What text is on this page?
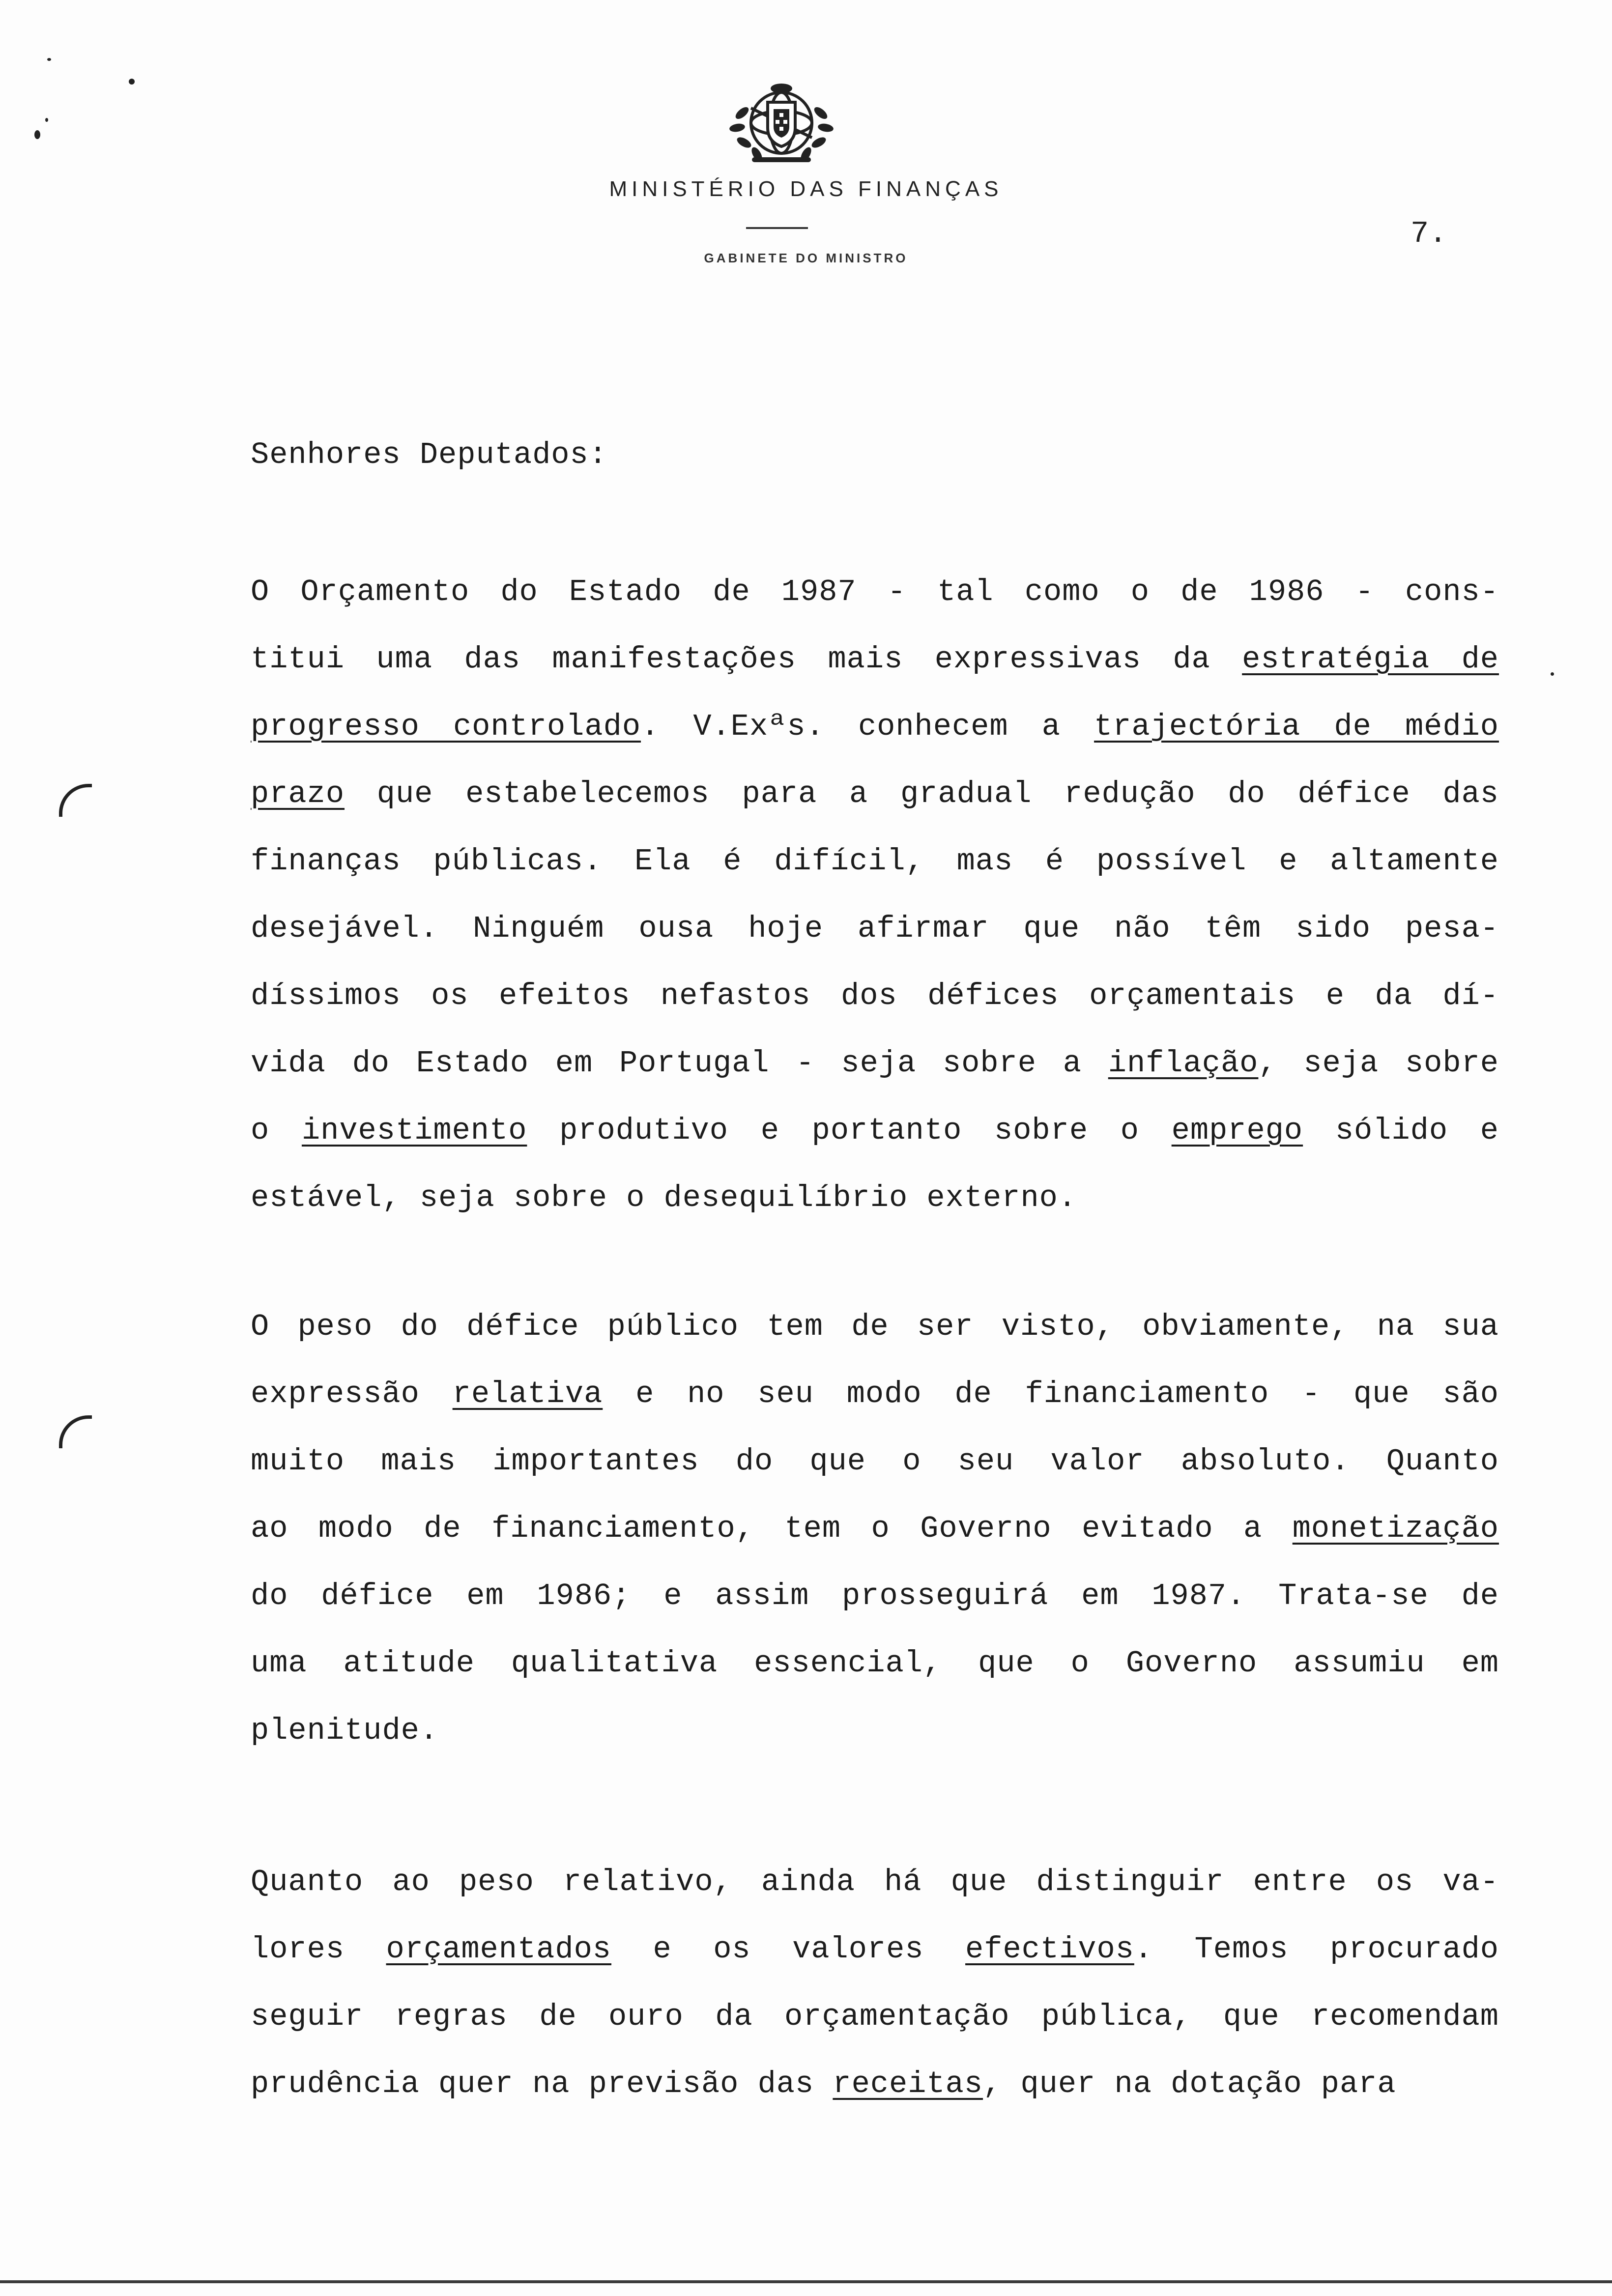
MINISTÉRIO DAS FINANÇAS
GABINETE DO MINISTRO
7.

Senhores Deputados:

O Orçamento do Estado de 1987 - tal como o de 1986 - cons-
titui uma das manifestações mais expressivas da estratégia de
progresso controlado. V.Exªs. conhecem a trajectória de médio
prazo que estabelecemos para a gradual redução do défice das
finanças públicas. Ela é difícil, mas é possível e altamente
desejável. Ninguém ousa hoje afirmar que não têm sido pesa-
díssimos os efeitos nefastos dos défices orçamentais e da dí-
vida do Estado em Portugal - seja sobre a inflação, seja sobre
o investimento produtivo e portanto sobre o emprego sólido e
estável, seja sobre o desequilíbrio externo.
O peso do défice público tem de ser visto, obviamente, na sua
expressão relativa e no seu modo de financiamento - que são
muito mais importantes do que o seu valor absoluto. Quanto
ao modo de financiamento, tem o Governo evitado a monetização
do défice em 1986; e assim prosseguirá em 1987. Trata-se de
uma atitude qualitativa essencial, que o Governo assumiu em
plenitude.
Quanto ao peso relativo, ainda há que distinguir entre os va-
lores orçamentados e os valores efectivos. Temos procurado
seguir regras de ouro da orçamentação pública, que recomendam
prudência quer na previsão das receitas, quer na dotação para
